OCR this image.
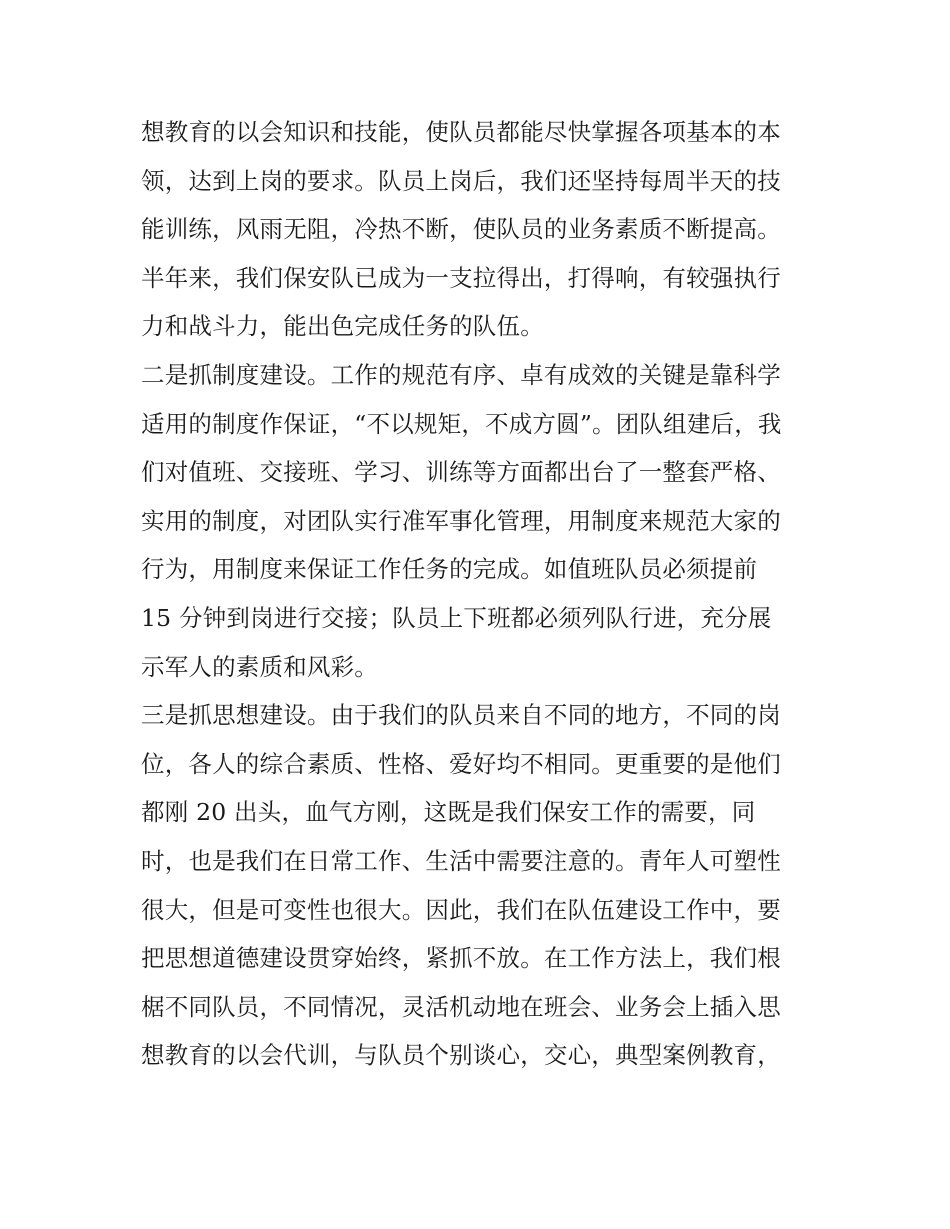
想教育的以会知识和技能，使队员都能尽快掌握各项基本的本
领，达到上岗的要求。队员上岗后，我们还坚持每周半天的技
能训练，风雨无阻，冷热不断，使队员的业务素质不断提高。
半年来，我们保安队已成为一支拉得出，打得响，有较强执行
力和战斗力，能出色完成任务的队伍。
二是抓制度建设。工作的规范有序、卓有成效的关键是靠科学
适用的制度作保证，“不以规矩，不成方圆”。团队组建后，我
们对值班、交接班、学习、训练等方面都出台了一整套严格、
实用的制度，对团队实行准军事化管理，用制度来规范大家的
行为，用制度来保证工作任务的完成。如值班队员必须提前
15 分钟到岗进行交接；队员上下班都必须列队行进，充分展
示军人的素质和风彩。
三是抓思想建设。由于我们的队员来自不同的地方，不同的岗
位，各人的综合素质、性格、爱好均不相同。更重要的是他们
都刚 20 出头，血气方刚，这既是我们保安工作的需要，同
时，也是我们在日常工作、生活中需要注意的。青年人可塑性
很大，但是可变性也很大。因此，我们在队伍建设工作中，要
把思想道德建设贯穿始终，紧抓不放。在工作方法上，我们根
椐不同队员，不同情况，灵活机动地在班会、业务会上插入思
想教育的以会代训，与队员个别谈心，交心，典型案例教育，
